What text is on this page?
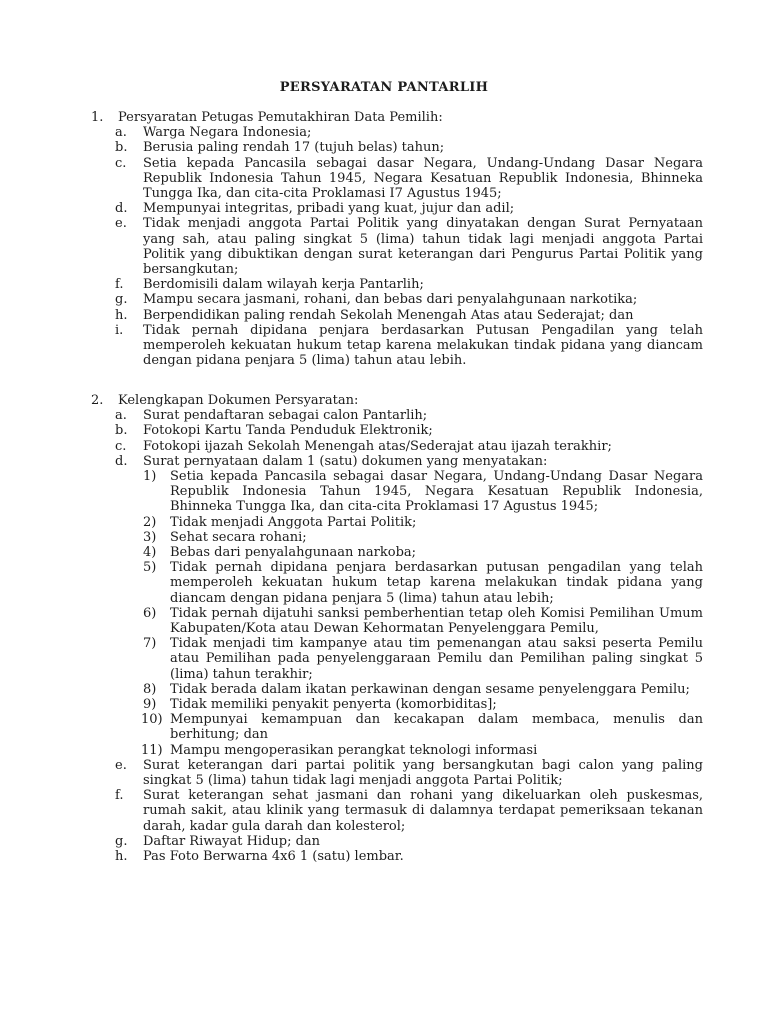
PERSYARATAN PANTARLIH
1. Persyaratan Petugas Pemutakhiran Data Pemilih:
a. Warga Negara Indonesia;
b. Berusia paling rendah 17 (tujuh belas) tahun;
c. Setia kepada Pancasila sebagai dasar Negara, Undang-Undang Dasar Negara Republik Indonesia Tahun 1945, Negara Kesatuan Republik Indonesia, Bhinneka Tungga Ika, dan cita-cita Proklamasi I7 Agustus 1945;
d. Mempunyai integritas, pribadi yang kuat, jujur dan adil;
e. Tidak menjadi anggota Partai Politik yang dinyatakan dengan Surat Pernyataan yang sah, atau paling singkat 5 (lima) tahun tidak lagi menjadi anggota Partai Politik yang dibuktikan dengan surat keterangan dari Pengurus Partai Politik yang bersangkutan;
f. Berdomisili dalam wilayah kerja Pantarlih;
g. Mampu secara jasmani, rohani, dan bebas dari penyalahgunaan narkotika;
h. Berpendidikan paling rendah Sekolah Menengah Atas atau Sederajat; dan
i. Tidak pernah dipidana penjara berdasarkan Putusan Pengadilan yang telah memperoleh kekuatan hukum tetap karena melakukan tindak pidana yang diancam dengan pidana penjara 5 (lima) tahun atau lebih.
2. Kelengkapan Dokumen Persyaratan:
a. Surat pendaftaran sebagai calon Pantarlih;
b. Fotokopi Kartu Tanda Penduduk Elektronik;
c. Fotokopi ijazah Sekolah Menengah atas/Sederajat atau ijazah terakhir;
d. Surat pernyataan dalam 1 (satu) dokumen yang menyatakan:
1) Setia kepada Pancasila sebagai dasar Negara, Undang-Undang Dasar Negara Republik Indonesia Tahun 1945, Negara Kesatuan Republik Indonesia, Bhinneka Tungga Ika, dan cita-cita Proklamasi 17 Agustus 1945;
2) Tidak menjadi Anggota Partai Politik;
3) Sehat secara rohani;
4) Bebas dari penyalahgunaan narkoba;
5) Tidak pernah dipidana penjara berdasarkan putusan pengadilan yang telah memperoleh kekuatan hukum tetap karena melakukan tindak pidana yang diancam dengan pidana penjara 5 (lima) tahun atau lebih;
6) Tidak pernah dijatuhi sanksi pemberhentian tetap oleh Komisi Pemilihan Umum Kabupaten/Kota atau Dewan Kehormatan Penyelenggara Pemilu,
7) Tidak menjadi tim kampanye atau tim pemenangan atau saksi peserta Pemilu atau Pemilihan pada penyelenggaraan Pemilu dan Pemilihan paling singkat 5 (lima) tahun terakhir;
8) Tidak berada dalam ikatan perkawinan dengan sesame penyelenggara Pemilu;
9) Tidak memiliki penyakit penyerta (komorbiditas];
10) Mempunyai kemampuan dan kecakapan dalam membaca, menulis dan berhitung; dan
11) Mampu mengoperasikan perangkat teknologi informasi
e. Surat keterangan dari partai politik yang bersangkutan bagi calon yang paling singkat 5 (lima) tahun tidak lagi menjadi anggota Partai Politik;
f. Surat keterangan sehat jasmani dan rohani yang dikeluarkan oleh puskesmas, rumah sakit, atau klinik yang termasuk di dalamnya terdapat pemeriksaan tekanan darah, kadar gula darah dan kolesterol;
g. Daftar Riwayat Hidup; dan
h. Pas Foto Berwarna 4x6 1 (satu) lembar.
